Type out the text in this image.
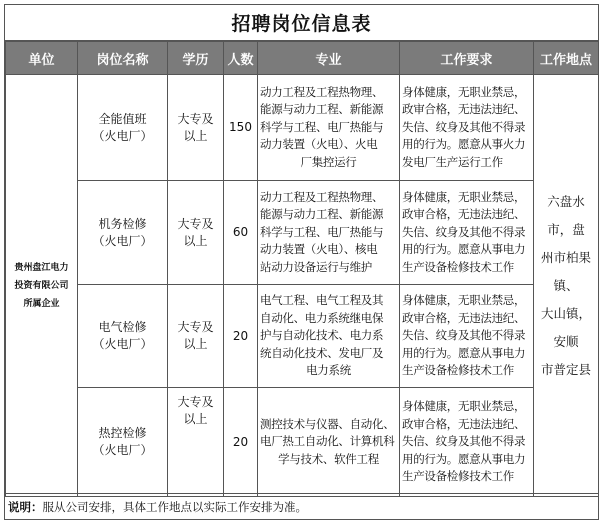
招聘岗位信息表
单位	岗位名称	学历	人数	专业	工作要求	工作地点

贵州盘江电力
投资有限公司
所属企业	全能值班
（火电厂）	大专及
以上	150	动力工程及工程热物理、
能源与动力工程、新能源
科学与工程、电厂热能与
动力装置（火电）、火电
厂集控运行	身体健康，无职业禁忌，
政审合格，无违法违纪、
失信、纹身及其他不得录
用的行为。愿意从事火力
发电厂生产运行工作	六盘水市，盘
州市柏果镇、
大山镇，安顺
市普定县

	机务检修
（火电厂）	大专及
以上	60	动力工程及工程热物理、
能源与动力工程、新能源
科学与工程、电厂热能与
动力装置（火电）、核电
站动力设备运行与维护	身体健康，无职业禁忌，
政审合格，无违法违纪、
失信、纹身及其他不得录
用的行为。愿意从事电力
生产设备检修技术工作	

	电气检修
（火电厂）	大专及
以上	20	电气工程、电气工程及其
自动化、电力系统继电保
护与自动化技术、电力系
统自动化技术、发电厂及
电力系统	身体健康，无职业禁忌，
政审合格，无违法违纪、
失信、纹身及其他不得录
用的行为。愿意从事电力
生产设备检修技术工作	

	热控检修
（火电厂）	大专及
以上	20	测控技术与仪器、自动化、
电厂热工自动化、计算机科
学与技术、软件工程	身体健康，无职业禁忌，
政审合格，无违法违纪、
失信、纹身及其他不得录
用的行为。愿意从事电力
生产设备检修技术工作	
说明：服从公司安排，具体工作地点以实际工作安排为准。
